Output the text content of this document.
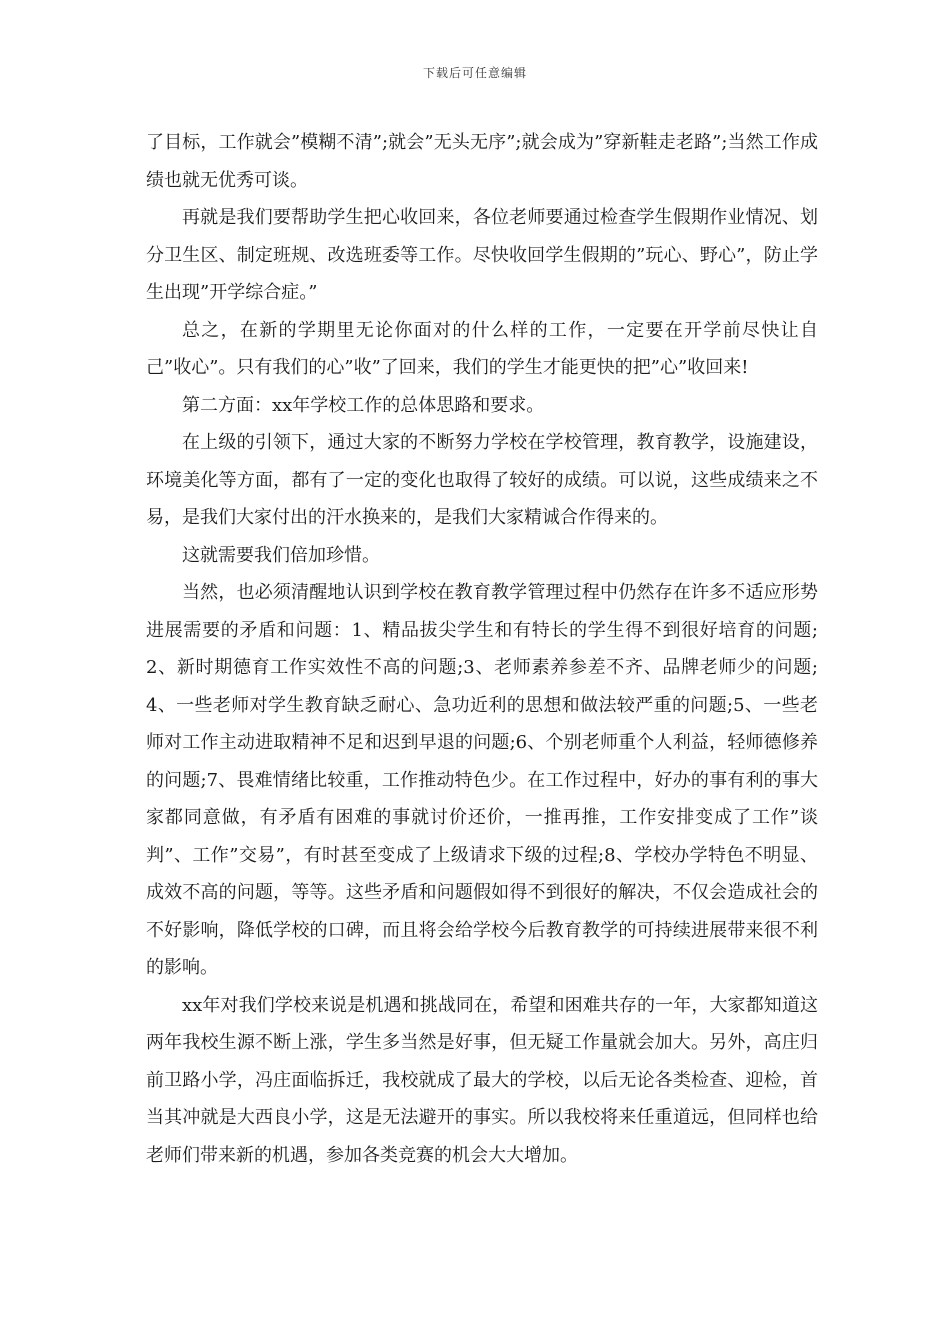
下载后可任意编辑

了目标，工作就会”模糊不清”;就会”无头无序”;就会成为”穿新鞋走老路”;当然工作成绩也就无优秀可谈。

再就是我们要帮助学生把心收回来，各位老师要通过检查学生假期作业情况、划分卫生区、制定班规、改选班委等工作。尽快收回学生假期的”玩心、野心”，防止学生出现”开学综合症。”

总之，在新的学期里无论你面对的什么样的工作，一定要在开学前尽快让自己”收心”。只有我们的心”收”了回来，我们的学生才能更快的把”心”收回来!

第二方面：xx年学校工作的总体思路和要求。

在上级的引领下，通过大家的不断努力学校在学校管理，教育教学，设施建设，环境美化等方面，都有了一定的变化也取得了较好的成绩。可以说，这些成绩来之不易，是我们大家付出的汗水换来的，是我们大家精诚合作得来的。

这就需要我们倍加珍惜。

当然，也必须清醒地认识到学校在教育教学管理过程中仍然存在许多不适应形势进展需要的矛盾和问题：1、精品拔尖学生和有特长的学生得不到很好培育的问题;2、新时期德育工作实效性不高的问题;3、老师素养参差不齐、品牌老师少的问题;4、一些老师对学生教育缺乏耐心、急功近利的思想和做法较严重的问题;5、一些老师对工作主动进取精神不足和迟到早退的问题;6、个别老师重个人利益，轻师德修养的问题;7、畏难情绪比较重，工作推动特色少。在工作过程中，好办的事有利的事大家都同意做，有矛盾有困难的事就讨价还价，一推再推，工作安排变成了工作”谈判”、工作”交易”，有时甚至变成了上级请求下级的过程;8、学校办学特色不明显、成效不高的问题，等等。这些矛盾和问题假如得不到很好的解决，不仅会造成社会的不好影响，降低学校的口碑，而且将会给学校今后教育教学的可持续进展带来很不利的影响。

xx年对我们学校来说是机遇和挑战同在，希望和困难共存的一年，大家都知道这两年我校生源不断上涨，学生多当然是好事，但无疑工作量就会加大。另外，高庄归前卫路小学，冯庄面临拆迁，我校就成了最大的学校，以后无论各类检查、迎检，首当其冲就是大西良小学，这是无法避开的事实。所以我校将来任重道远，但同样也给老师们带来新的机遇，参加各类竞赛的机会大大增加。
